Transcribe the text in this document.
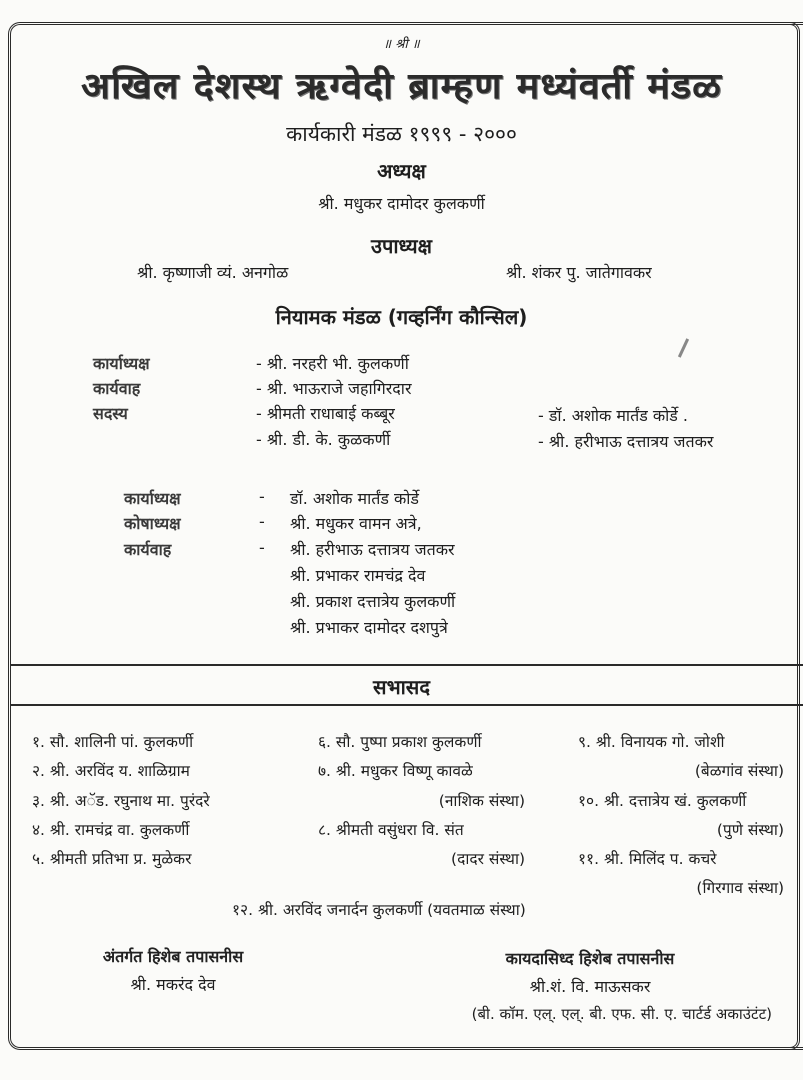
॥ श्री ॥
अखिल देशस्थ ऋग्वेदी ब्राम्हण मध्यंवर्ती मंडळ
कार्यकारी मंडळ १९९९ - २०००
अध्यक्ष
श्री. मधुकर दामोदर कुलकर्णी
उपाध्यक्ष
श्री. कृष्णाजी व्यं. अनगोळ	श्री. शंकर पु. जातेगावकर
नियामक मंडळ (गव्हर्निंग कौन्सिल)
कार्याध्यक्ष	- श्री. नरहरी भी. कुलकर्णी
कार्यवाह	- श्री. भाऊराजे जहागिरदार
सदस्य	- श्रीमती राधाबाई कब्बूर
- श्री. डी. के. कुळकर्णी
- डॉ. अशोक मार्तंड कोर्डे .
- श्री. हरीभाऊ दत्तात्रय जतकर
कार्याध्यक्ष	- डॉ. अशोक मार्तंड कोर्डे
कोषाध्यक्ष	- श्री. मधुकर वामन अत्रे,
कार्यवाह	- श्री. हरीभाऊ दत्तात्रय जतकर
श्री. प्रभाकर रामचंद्र देव
श्री. प्रकाश दत्तात्रेय कुलकर्णी
श्री. प्रभाकर दामोदर दशपुत्रे
सभासद
१. सौ. शालिनी पां. कुलकर्णी
२. श्री. अरविंद य. शाळिग्राम
३. श्री. अॅड. रघुनाथ मा. पुरंदरे
४. श्री. रामचंद्र वा. कुलकर्णी
५. श्रीमती प्रतिभा प्र. मुळेकर
६. सौ. पुष्पा प्रकाश कुलकर्णी
७. श्री. मधुकर विष्णू कावळे
(नाशिक संस्था)
८. श्रीमती वसुंधरा वि. संत
(दादर संस्था)
९. श्री. विनायक गो. जोशी
(बेळगांव संस्था)
१०. श्री. दत्तात्रेय खं. कुलकर्णी
(पुणे संस्था)
११. श्री. मिलिंद प. कचरे
(गिरगाव संस्था)
१२. श्री. अरविंद जनार्दन कुलकर्णी (यवतमाळ संस्था)
अंतर्गत हिशेब तपासनीस
श्री. मकरंद देव
कायदासिध्द हिशेब तपासनीस
श्री.शं. वि. माऊसकर
(बी. कॉम. एल्. एल्. बी. एफ. सी. ए. चार्टर्ड अकाउंटंट)
